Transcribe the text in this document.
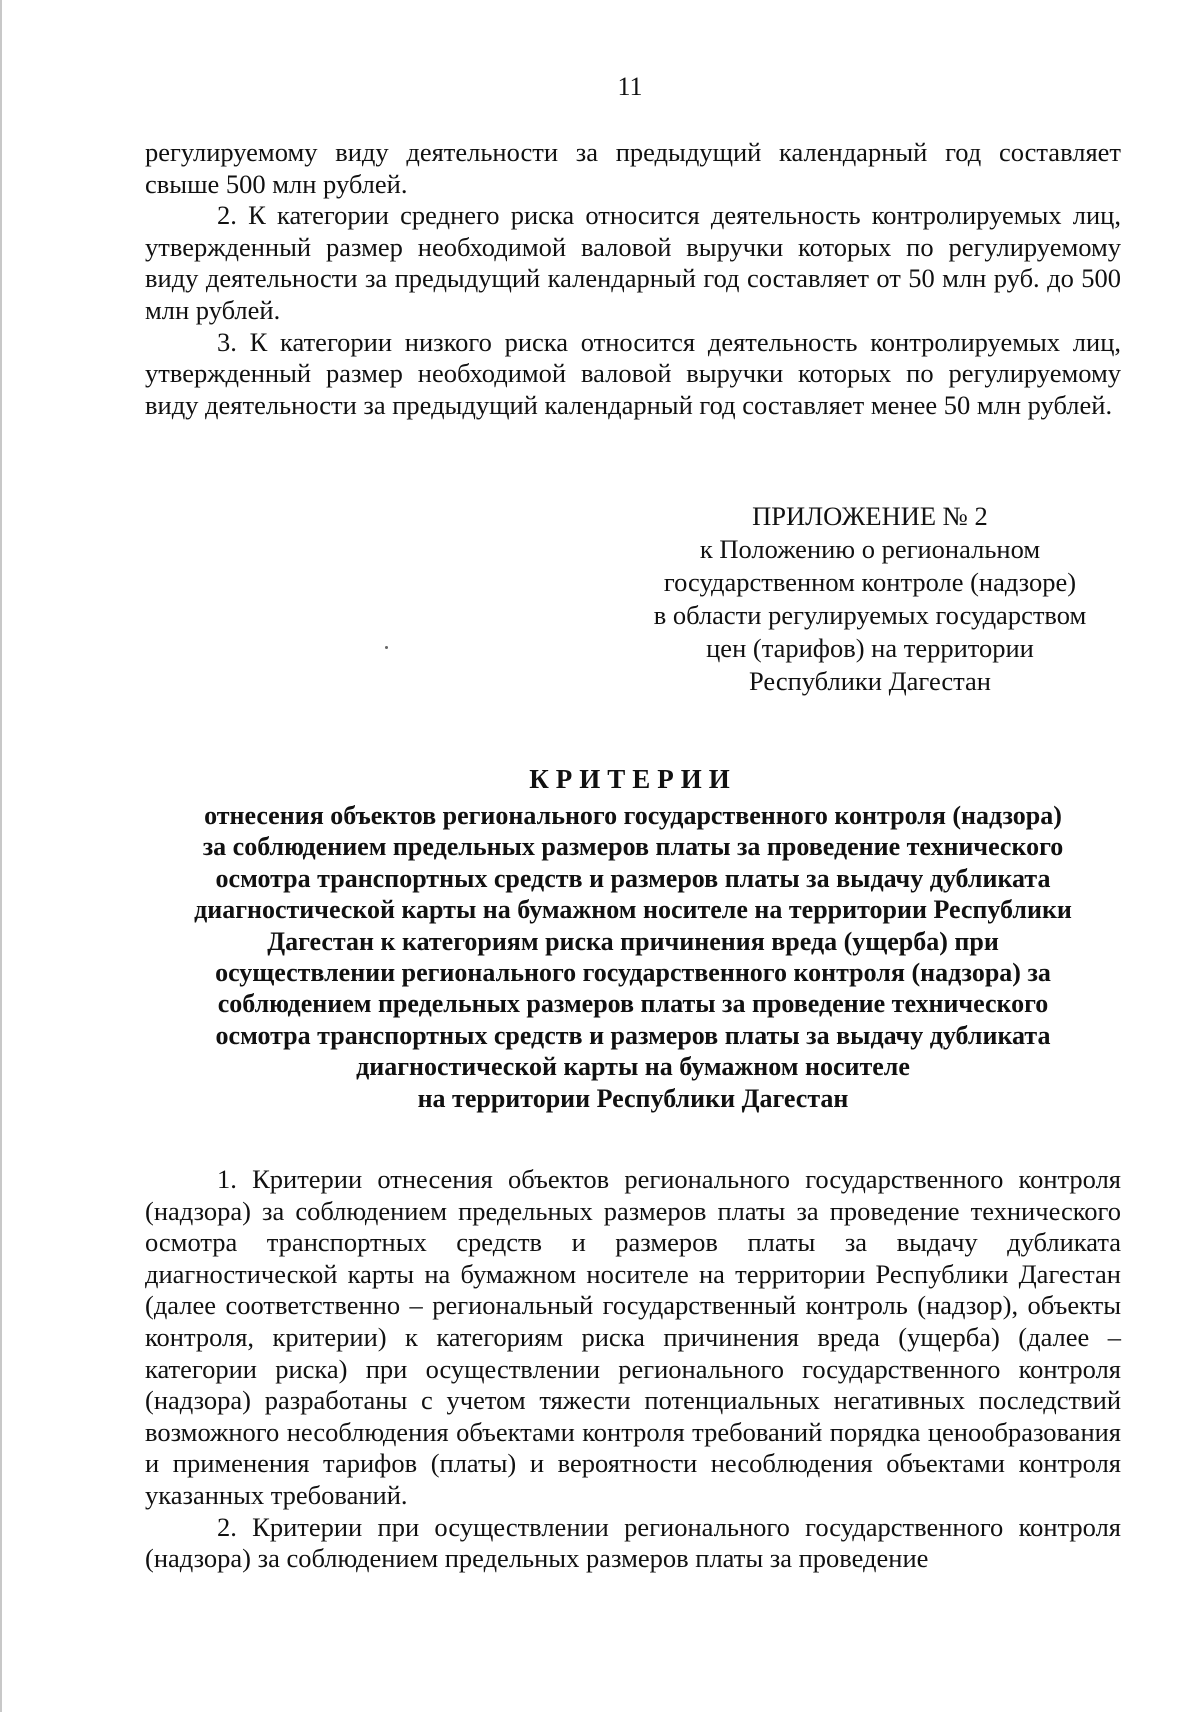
11

регулируемому виду деятельности за предыдущий календарный год составляет свыше 500 млн рублей.

2. К категории среднего риска относится деятельность контролируемых лиц, утвержденный размер необходимой валовой выручки которых по регулируемому виду деятельности за предыдущий календарный год составляет от 50 млн руб. до 500 млн рублей.

3. К категории низкого риска относится деятельность контролируемых лиц, утвержденный размер необходимой валовой выручки которых по регулируемому виду деятельности за предыдущий календарный год составляет менее 50 млн рублей.

ПРИЛОЖЕНИЕ № 2
к Положению о региональном
государственном контроле (надзоре)
в области регулируемых государством
цен (тарифов) на территории
Республики Дагестан
КРИТЕРИИ
отнесения объектов регионального государственного контроля (надзора)
за соблюдением предельных размеров платы за проведение технического
осмотра транспортных средств и размеров платы за выдачу дубликата
диагностической карты на бумажном носителе на территории Республики
Дагестан к категориям риска причинения вреда (ущерба) при
осуществлении регионального государственного контроля (надзора) за
соблюдением предельных размеров платы за проведение технического
осмотра транспортных средств и размеров платы за выдачу дубликата
диагностической карты на бумажном носителе
на территории Республики Дагестан

1. Критерии отнесения объектов регионального государственного контроля (надзора) за соблюдением предельных размеров платы за проведение технического осмотра транспортных средств и размеров платы за выдачу дубликата диагностической карты на бумажном носителе на территории Республики Дагестан (далее соответственно – региональный государственный контроль (надзор), объекты контроля, критерии) к категориям риска причинения вреда (ущерба) (далее – категории риска) при осуществлении регионального государственного контроля (надзора) разработаны с учетом тяжести потенциальных негативных последствий возможного несоблюдения объектами контроля требований порядка ценообразования и применения тарифов (платы) и вероятности несоблюдения объектами контроля указанных требований.

2. Критерии при осуществлении регионального государственного контроля (надзора) за соблюдением предельных размеров платы за проведение
